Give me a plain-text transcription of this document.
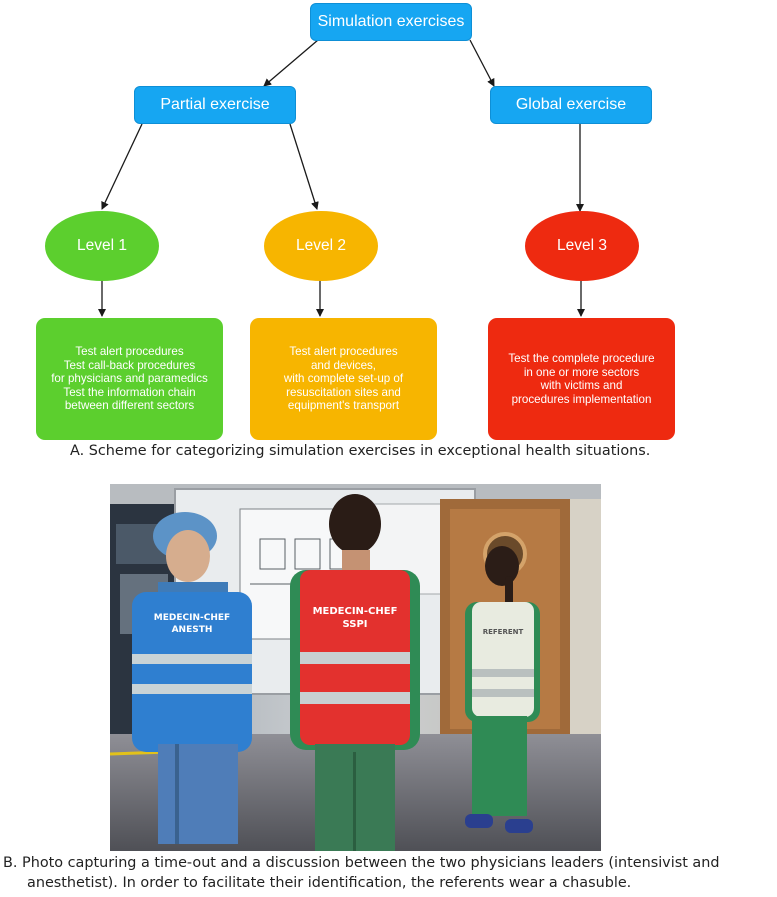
Simulation exercises
Partial exercise	Global exercise
Level 1	Level 2	Level 3
Test alert procedures
Test call-back procedures
for physicians and paramedics
Test the information chain
between different sectors
Test alert procedures
and devices,
with complete set-up of
resuscitation sites and
equipment's transport
Test the complete procedure
in one or more sectors
with victims and
procedures implementation
A. Scheme for categorizing simulation exercises in exceptional health situations.
MEDECIN-CHEF
ANESTH
MEDECIN-CHEF
SSPI
REFERENT
B. Photo capturing a time-out and a discussion between the two physicians leaders (intensivist and
anesthetist). In order to facilitate their identification, the referents wear a chasuble.
